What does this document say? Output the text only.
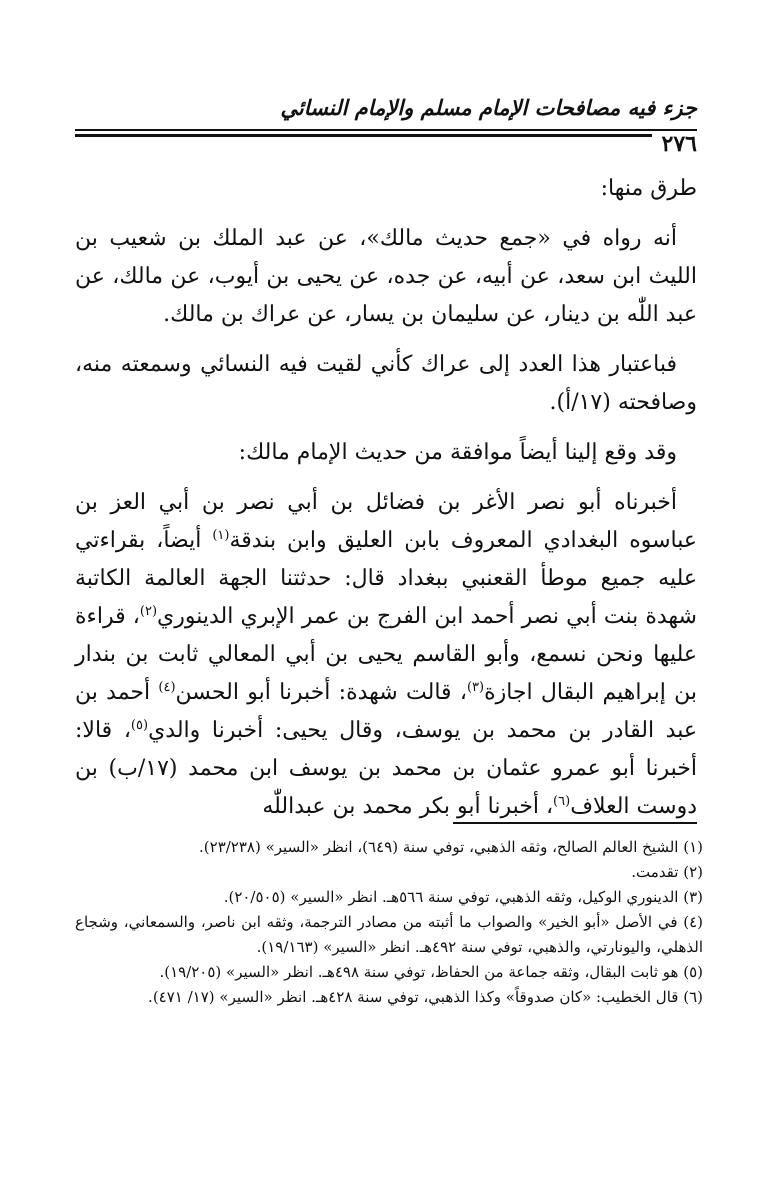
جزء فيه مصافحات الإمام مسلم والإمام النسائي
٢٧٦

طرق منها:

أنه رواه في «جمع حديث مالك»، عن عبد الملك بن شعيب بن الليث ابن سعد، عن أبيه، عن جده، عن يحيى بن أيوب، عن مالك، عن عبد اللّٰه بن دينار، عن سليمان بن يسار، عن عراك بن مالك.

فباعتبار هذا العدد إلى عراك كأني لقيت فيه النسائي وسمعته منه، وصافحته (١٧/أ).

وقد وقع إلينا أيضاً موافقة من حديث الإمام مالك:

أخبرناه أبو نصر الأغر بن فضائل بن أبي نصر بن أبي العز بن عباسوه البغدادي المعروف بابن العليق وابن بندقة$^{(١)}$ أيضاً، بقراءتي عليه جميع موطأ القعنبي ببغداد قال: حدثتنا الجهة العالمة الكاتبة شهدة بنت أبي نصر أحمد ابن الفرج بن عمر الإبري الدينوري$^{(٢)}$، قراءة عليها ونحن نسمع، وأبو القاسم يحيى بن أبي المعالي ثابت بن بندار بن إبراهيم البقال اجازة$^{(٣)}$، قالت شهدة: أخبرنا أبو الحسن$^{(٤)}$ أحمد بن عبد القادر بن محمد بن يوسف، وقال يحيى: أخبرنا والدي$^{(٥)}$، قالا: أخبرنا أبو عمرو عثمان بن محمد بن يوسف ابن محمد (١٧/ب) بن دوست العلاف$^{(٦)}$، أخبرنا أبو بكر محمد بن عبداللّٰه

(١) الشيخ العالم الصالح، وثقه الذهبي، توفي سنة (٦٤٩)، انظر «السير» (٢٣/٢٣٨).

(٢) تقدمت.

(٣) الدينوري الوكيل، وثقه الذهبي، توفي سنة ٥٦٦هـ. انظر «السير» (٢٠/٥٠٥).

(٤) في الأصل «أبو الخير» والصواب ما أثبته من مصادر الترجمة، وثقه ابن ناصر، والسمعاني، وشجاع الذهلي، واليونارتي، والذهبي، توفي سنة ٤٩٢هـ. انظر «السير» (١٩/١٦٣).

(٥) هو ثابت البقال، وثقه جماعة من الحفاظ، توفي سنة ٤٩٨هـ. انظر «السير» (١٩/٢٠٥).

(٦) قال الخطيب: «كان صدوقاً» وكذا الذهبي، توفي سنة ٤٢٨هـ. انظر «السير» (١٧/ ٤٧١).
